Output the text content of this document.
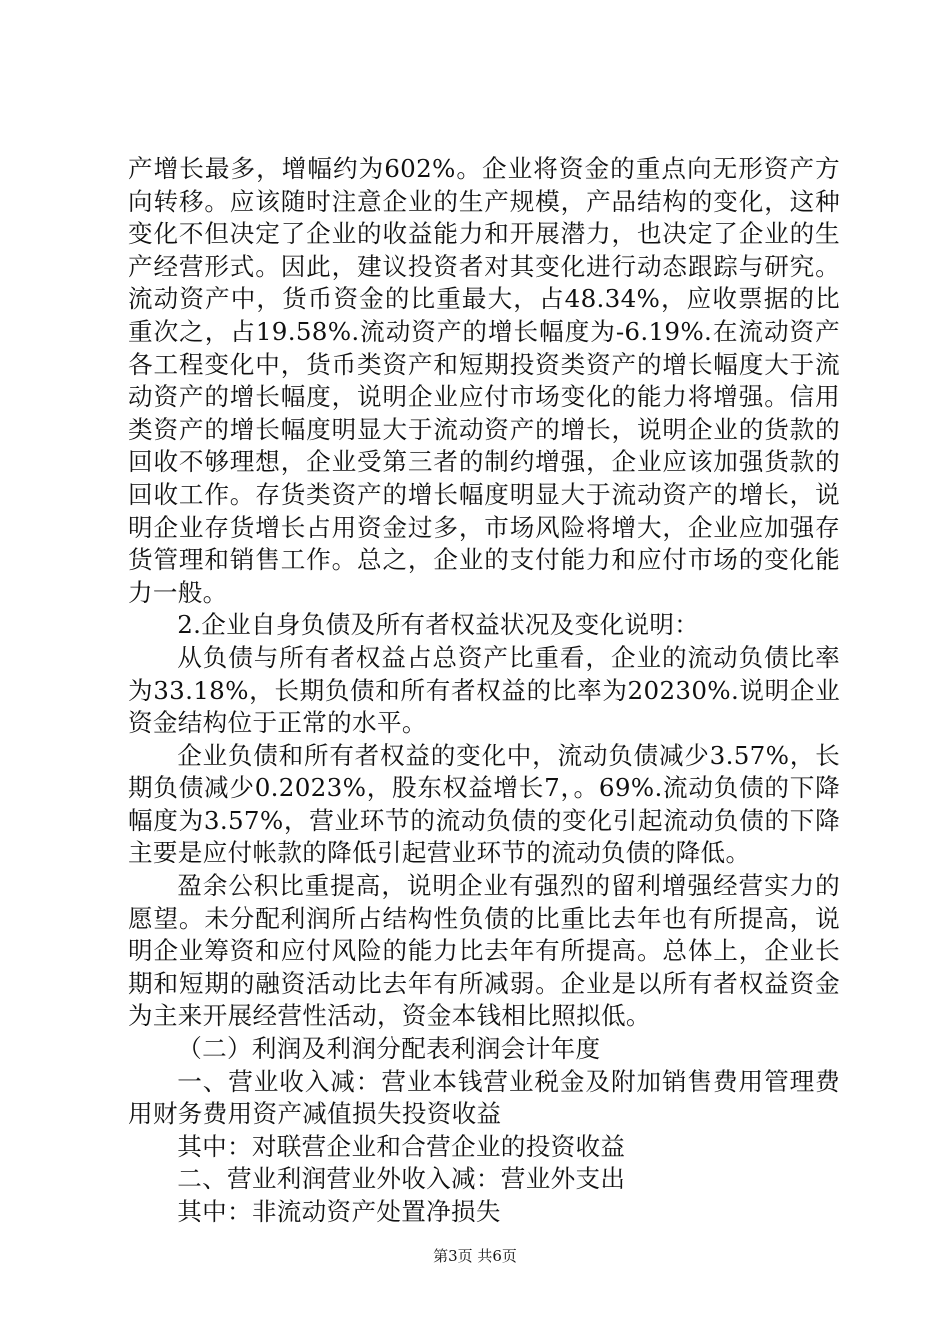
产增长最多，增幅约为602%。企业将资金的重点向无形资产方向转移。应该随时注意企业的生产规模，产品结构的变化，这种变化不但决定了企业的收益能力和开展潜力，也决定了企业的生产经营形式。因此，建议投资者对其变化进行动态跟踪与研究。流动资产中，货币资金的比重最大，占48.34%，应收票据的比重次之，占19.58%.流动资产的增长幅度为-6.19%.在流动资产各工程变化中，货币类资产和短期投资类资产的增长幅度大于流动资产的增长幅度，说明企业应付市场变化的能力将增强。信用类资产的增长幅度明显大于流动资产的增长，说明企业的货款的回收不够理想，企业受第三者的制约增强，企业应该加强货款的回收工作。存货类资产的增长幅度明显大于流动资产的增长，说明企业存货增长占用资金过多，市场风险将增大，企业应加强存货管理和销售工作。总之，企业的支付能力和应付市场的变化能力一般。

2.企业自身负债及所有者权益状况及变化说明：

从负债与所有者权益占总资产比重看，企业的流动负债比率为33.18%，长期负债和所有者权益的比率为20230%.说明企业资金结构位于正常的水平。

企业负债和所有者权益的变化中，流动负债减少3.57%，长期负债减少0.2023%，股东权益增长7，。69%.流动负债的下降幅度为3.57%，营业环节的流动负债的变化引起流动负债的下降主要是应付帐款的降低引起营业环节的流动负债的降低。

盈余公积比重提高，说明企业有强烈的留利增强经营实力的愿望。未分配利润所占结构性负债的比重比去年也有所提高，说明企业筹资和应付风险的能力比去年有所提高。总体上，企业长期和短期的融资活动比去年有所减弱。企业是以所有者权益资金为主来开展经营性活动，资金本钱相比照拟低。

（二）利润及利润分配表利润会计年度

一、营业收入减：营业本钱营业税金及附加销售费用管理费用财务费用资产减值损失投资收益

其中：对联营企业和合营企业的投资收益

二、营业利润营业外收入减：营业外支出

其中：非流动资产处置净损失

第3页 共6页
